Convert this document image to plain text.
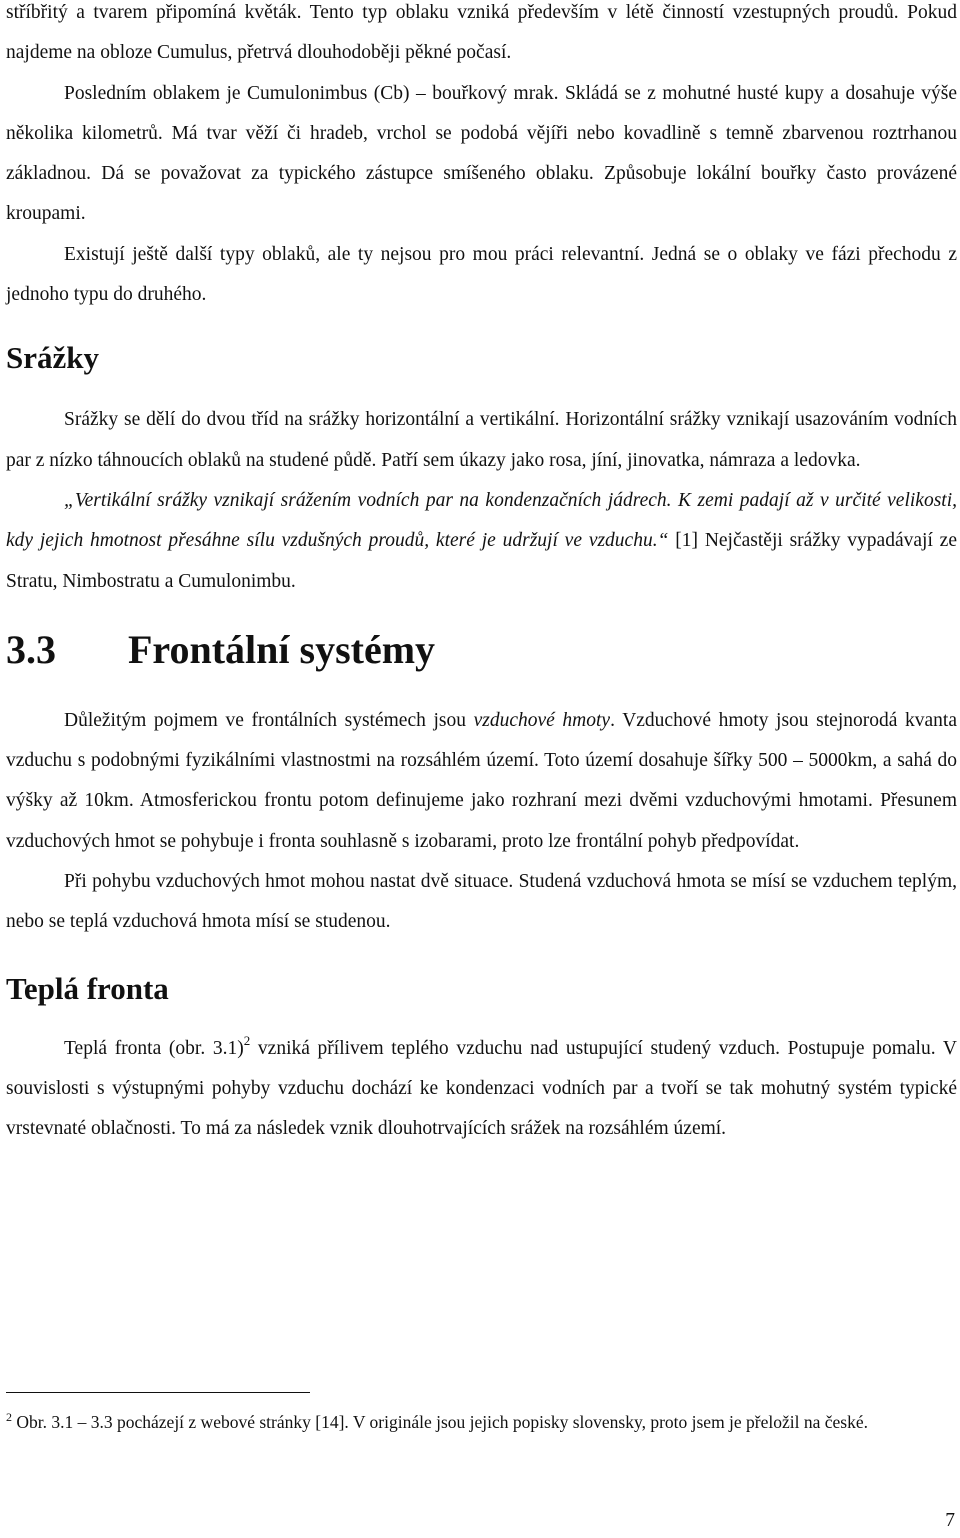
stříbřitý a tvarem připomíná květák. Tento typ oblaku vzniká především v létě činností vzestupných proudů. Pokud najdeme na obloze Cumulus, přetrvá dlouhodoběji pěkné počasí.

Posledním oblakem je Cumulonimbus (Cb) – bouřkový mrak. Skládá se z mohutné husté kupy a dosahuje výše několika kilometrů. Má tvar věží či hradeb, vrchol se podobá vějíři nebo kovadlině s temně zbarvenou roztrhanou základnou. Dá se považovat za typického zástupce smíšeného oblaku. Způsobuje lokální bouřky často provázené kroupami.

Existují ještě další typy oblaků, ale ty nejsou pro mou práci relevantní. Jedná se o oblaky ve fázi přechodu z jednoho typu do druhého.

Srážky

Srážky se dělí do dvou tříd na srážky horizontální a vertikální. Horizontální srážky vznikají usazováním vodních par z nízko táhnoucích oblaků na studené půdě. Patří sem úkazy jako rosa, jíní, jinovatka, námraza a ledovka.

„Vertikální srážky vznikají srážením vodních par na kondenzačních jádrech. K zemi padají až v určité velikosti, kdy jejich hmotnost přesáhne sílu vzdušných proudů, které je udržují ve vzduchu.“ [1] Nejčastěji srážky vypadávají ze Stratu, Nimbostratu a Cumulonimbu.

3.3	Frontální systémy

Důležitým pojmem ve frontálních systémech jsou vzduchové hmoty. Vzduchové hmoty jsou stejnorodá kvanta vzduchu s podobnými fyzikálními vlastnostmi na rozsáhlém území. Toto území dosahuje šířky 500 – 5000km, a sahá do výšky až 10km. Atmosferickou frontu potom definujeme jako rozhraní mezi dvěmi vzduchovými hmotami. Přesunem vzduchových hmot se pohybuje i fronta souhlasně s izobarami, proto lze frontální pohyb předpovídat.

Při pohybu vzduchových hmot mohou nastat dvě situace. Studená vzduchová hmota se mísí se vzduchem teplým, nebo se teplá vzduchová hmota mísí se studenou.

Teplá fronta

Teplá fronta (obr. 3.1)$^2$ vzniká přílivem teplého vzduchu nad ustupující studený vzduch. Postupuje pomalu. V souvislosti s výstupnými pohyby vzduchu dochází ke kondenzaci vodních par a tvoří se tak mohutný systém typické vrstevnaté oblačnosti. To má za následek vznik dlouhotrvajících srážek na rozsáhlém území.

$^2$ Obr. 3.1 – 3.3 pocházejí z webové stránky [14]. V originále jsou jejich popisky slovensky, proto jsem je přeložil na české.
7
